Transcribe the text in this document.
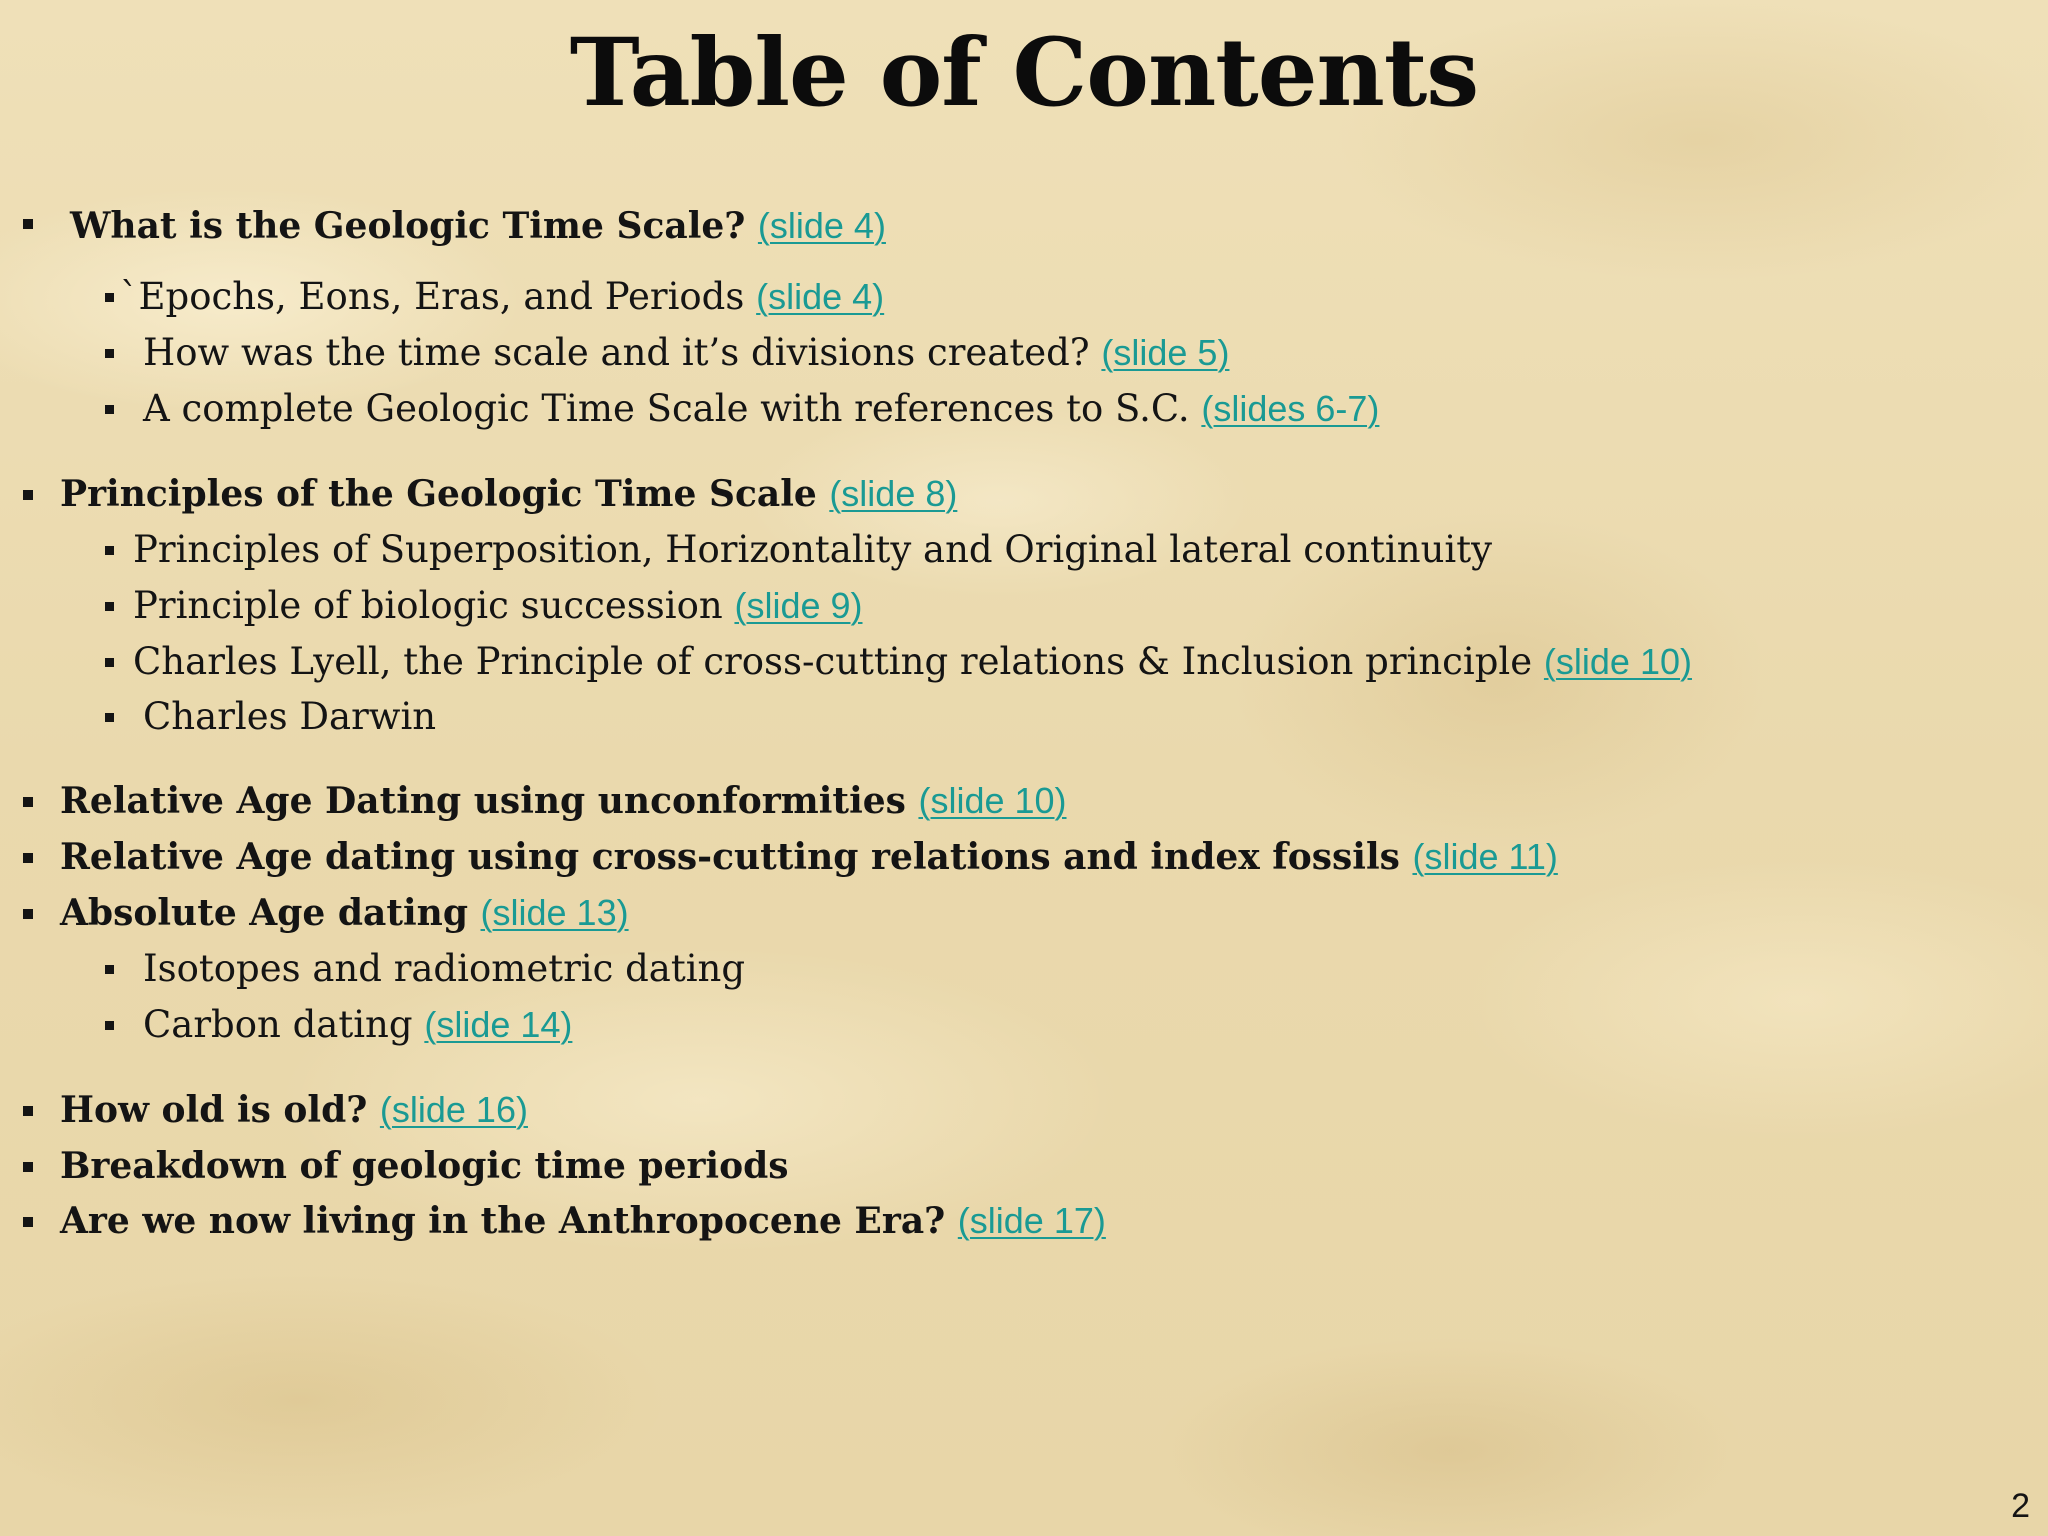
Table of Contents
What is the Geologic Time Scale? (slide 4)
`Epochs, Eons, Eras, and Periods (slide 4)
How was the time scale and it’s divisions created? (slide 5)
A complete Geologic Time Scale with references to S.C. (slides 6-7)
Principles of the Geologic Time Scale (slide 8)
Principles of Superposition, Horizontality and Original lateral continuity
Principle of biologic succession (slide 9)
Charles Lyell, the Principle of cross-cutting relations & Inclusion principle (slide 10)
Charles Darwin
Relative Age Dating using unconformities (slide 10)
Relative Age dating using cross-cutting relations and index fossils (slide 11)
Absolute Age dating (slide 13)
Isotopes and radiometric dating
Carbon dating (slide 14)
How old is old? (slide 16)
Breakdown of geologic time periods
Are we now living in the Anthropocene Era? (slide 17)
2
